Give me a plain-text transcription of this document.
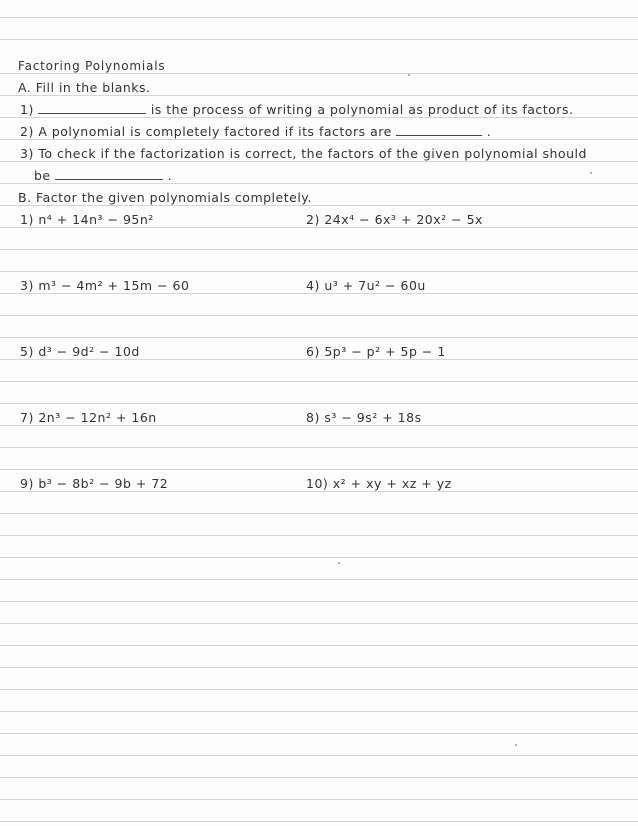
Factoring Polynomials
A. Fill in the blanks.
1)	is the process of writing a polynomial as product of its factors.
2) A polynomial is completely factored if its factors are	.
3) To check if the factorization is correct, the factors of the given polynomial should
be	.
B. Factor the given polynomials completely.
1) n⁴ + 14n³ − 95n²	2) 24x⁴ − 6x³ + 20x² − 5x
3) m³ − 4m² + 15m − 60	4) u³ + 7u² − 60u
5) d³ − 9d² − 10d	6) 5p³ − p² + 5p − 1
7) 2n³ − 12n² + 16n	8) s³ − 9s² + 18s
9) b³ − 8b² − 9b + 72	10) x² + xy + xz + yz
